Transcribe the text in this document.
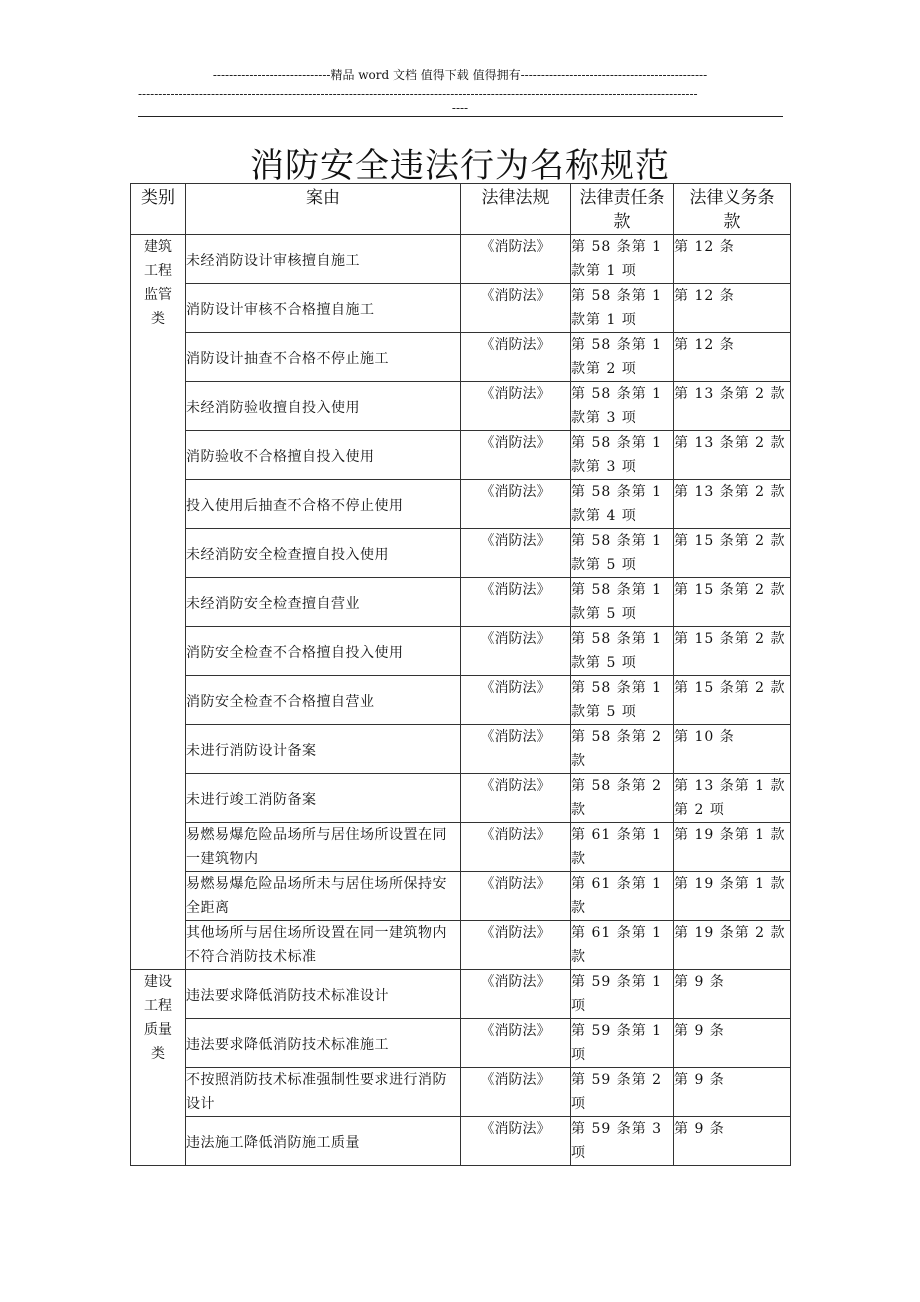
-----------------------------精品 word 文档 值得下载 值得拥有----------------------------------------------
------------------------------------------------------------------------------------------------------------------------------------------
----
消防安全违法行为名称规范
类别	案由	法律法规	法律责任条款	法律义务条款

建筑工程监管类	未经消防设计审核擅自施工	《消防法》	第 58 条第 1 款第 1 项	第 12 条
	消防设计审核不合格擅自施工	《消防法》	第 58 条第 1 款第 1 项	第 12 条
	消防设计抽查不合格不停止施工	《消防法》	第 58 条第 1 款第 2 项	第 12 条
	未经消防验收擅自投入使用	《消防法》	第 58 条第 1 款第 3 项	第 13 条第 2 款
	消防验收不合格擅自投入使用	《消防法》	第 58 条第 1 款第 3 项	第 13 条第 2 款
	投入使用后抽查不合格不停止使用	《消防法》	第 58 条第 1 款第 4 项	第 13 条第 2 款
	未经消防安全检查擅自投入使用	《消防法》	第 58 条第 1 款第 5 项	第 15 条第 2 款
	未经消防安全检查擅自营业	《消防法》	第 58 条第 1 款第 5 项	第 15 条第 2 款
	消防安全检查不合格擅自投入使用	《消防法》	第 58 条第 1 款第 5 项	第 15 条第 2 款
	消防安全检查不合格擅自营业	《消防法》	第 58 条第 1 款第 5 项	第 15 条第 2 款
	未进行消防设计备案	《消防法》	第 58 条第 2 款	第 10 条
	未进行竣工消防备案	《消防法》	第 58 条第 2 款	第 13 条第 1 款第 2 项
	易燃易爆危险品场所与居住场所设置在同一建筑物内	《消防法》	第 61 条第 1 款	第 19 条第 1 款
	易燃易爆危险品场所未与居住场所保持安全距离	《消防法》	第 61 条第 1 款	第 19 条第 1 款
	其他场所与居住场所设置在同一建筑物内不符合消防技术标准	《消防法》	第 61 条第 1 款	第 19 条第 2 款

建设工程质量类	违法要求降低消防技术标准设计	《消防法》	第 59 条第 1 项	第 9 条
	违法要求降低消防技术标准施工	《消防法》	第 59 条第 1 项	第 9 条
	不按照消防技术标准强制性要求进行消防设计	《消防法》	第 59 条第 2 项	第 9 条
	违法施工降低消防施工质量	《消防法》	第 59 条第 3 项	第 9 条
